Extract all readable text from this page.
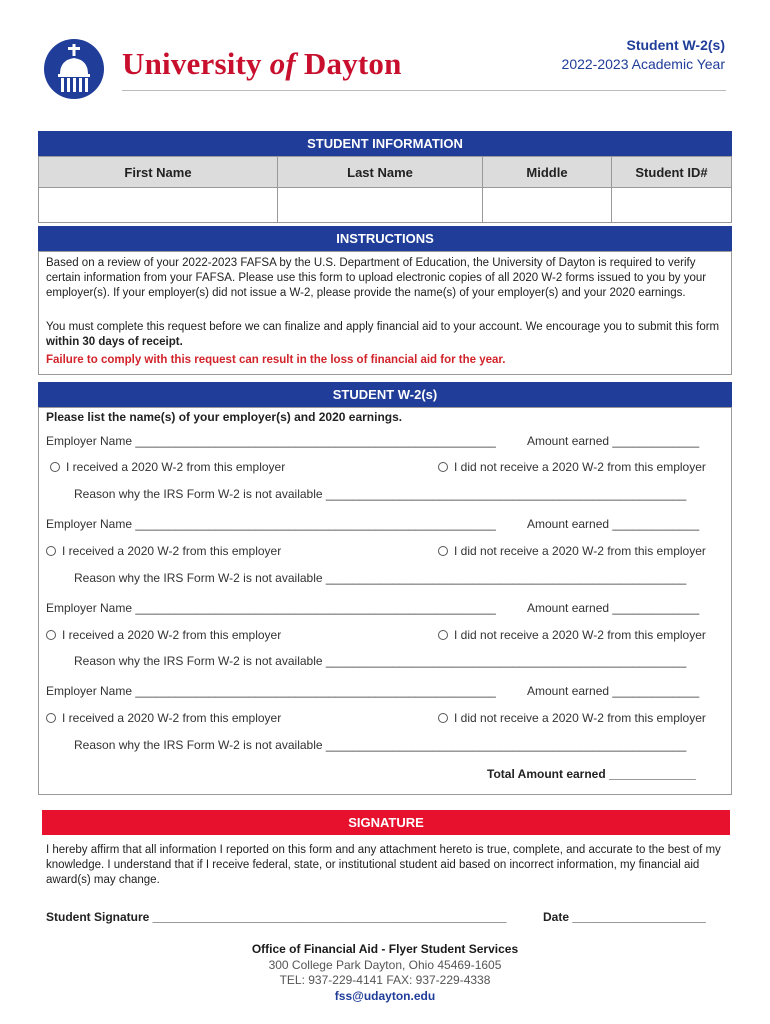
University of Dayton
Student W-2(s)
2022-2023 Academic Year
STUDENT INFORMATION
First Name	Last Name	Middle	Student ID#

INSTRUCTIONS
Based on a review of your 2022-2023 FAFSA by the U.S. Department of Education, the University of Dayton is required to verify certain information from your FAFSA. Please use this form to upload electronic copies of all 2020 W-2 forms issued to you by your employer(s). If your employer(s) did not issue a W-2, please provide the name(s) of your employer(s) and your 2020 earnings.
You must complete this request before we can finalize and apply financial aid to your account. We encourage you to submit this form within 30 days of receipt.
Failure to comply with this request can result in the loss of financial aid for the year.
STUDENT W-2(s)
Please list the name(s) of your employer(s) and 2020 earnings.
Employer Name ______________________________________________________	Amount earned _____________
I received a 2020 W-2 from this employer	I did not receive a 2020 W-2 from this employer
Reason why the IRS Form W-2 is not available ______________________________________________________
Employer Name ______________________________________________________	Amount earned _____________
I received a 2020 W-2 from this employer	I did not receive a 2020 W-2 from this employer
Reason why the IRS Form W-2 is not available ______________________________________________________
Employer Name ______________________________________________________	Amount earned _____________
I received a 2020 W-2 from this employer	I did not receive a 2020 W-2 from this employer
Reason why the IRS Form W-2 is not available ______________________________________________________
Employer Name ______________________________________________________	Amount earned _____________
I received a 2020 W-2 from this employer	I did not receive a 2020 W-2 from this employer
Reason why the IRS Form W-2 is not available ______________________________________________________
Total Amount earned _____________
SIGNATURE
I hereby affirm that all information I reported on this form and any attachment hereto is true, complete, and accurate to the best of my knowledge. I understand that if I receive federal, state, or institutional student aid based on incorrect information, my financial aid award(s) may change.
Student Signature _____________________________________________________	Date ____________________
Office of Financial Aid - Flyer Student Services
300 College Park Dayton, Ohio 45469-1605
TEL: 937-229-4141 FAX: 937-229-4338
fss@udayton.edu
